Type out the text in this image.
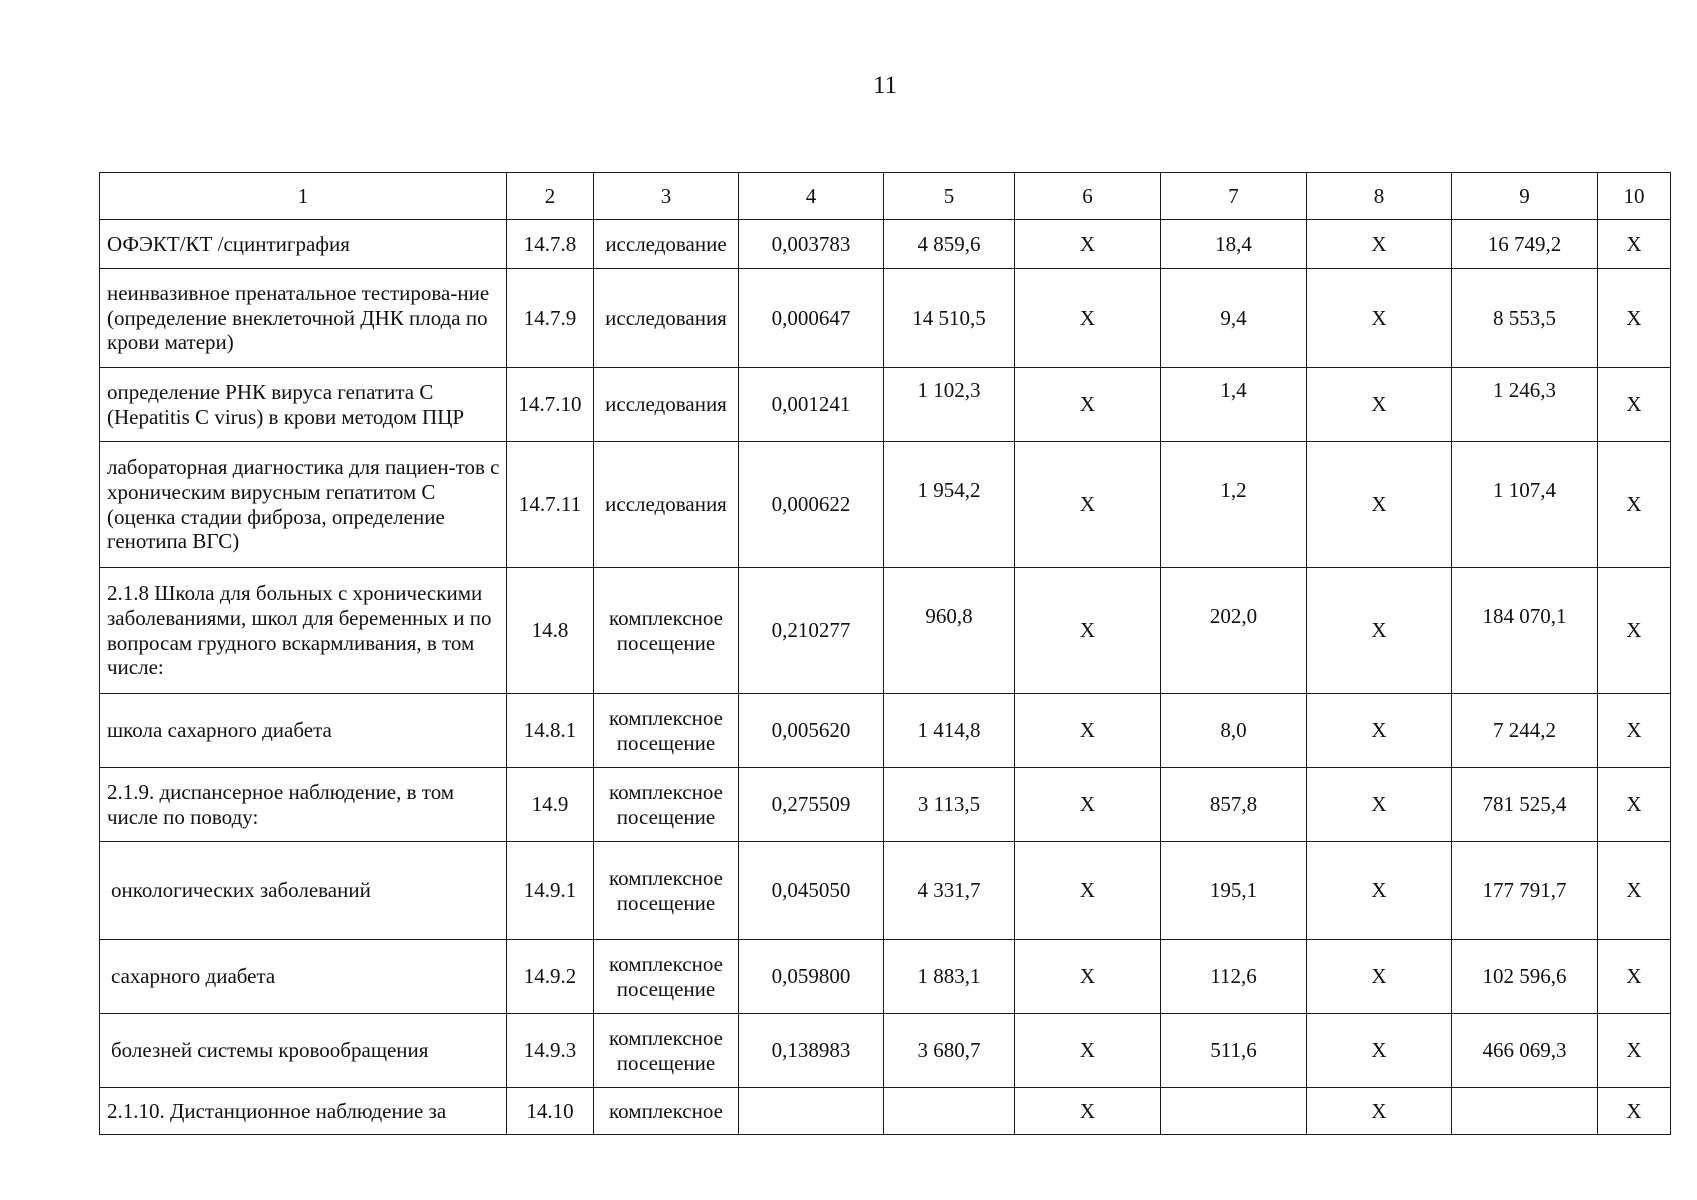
11
1	2	3	4	5	6	7	8	9	10
ОФЭКТ/КТ /сцинтиграфия	14.7.8	исследование	0,003783	4 859,6	X	18,4	X	16 749,2	X
неинвазивное пренатальное тестирова-ние (определение внеклеточной ДНК плода по крови матери)	14.7.9	исследования	0,000647	14 510,5	X	9,4	X	8 553,5	X
определение РНК вируса гепатита С (Hepatitis C virus) в крови методом ПЦР	14.7.10	исследования	0,001241	1 102,3	X	1,4	X	1 246,3	X
лабораторная диагностика для пациен-тов с хроническим вирусным гепатитом С (оценка стадии фиброза, определение генотипа ВГС)	14.7.11	исследования	0,000622	1 954,2	X	1,2	X	1 107,4	X
2.1.8 Школа для больных с хроническими заболеваниями, школ для беременных и по вопросам грудного вскармливания, в том числе:	14.8	комплексное посещение	0,210277	960,8	X	202,0	X	184 070,1	X
школа сахарного диабета	14.8.1	комплексное посещение	0,005620	1 414,8	X	8,0	X	7 244,2	X
2.1.9. диспансерное наблюдение, в том числе по поводу:	14.9	комплексное посещение	0,275509	3 113,5	X	857,8	X	781 525,4	X
онкологических заболеваний	14.9.1	комплексное посещение	0,045050	4 331,7	X	195,1	X	177 791,7	X
сахарного диабета	14.9.2	комплексное посещение	0,059800	1 883,1	X	112,6	X	102 596,6	X
болезней системы кровообращения	14.9.3	комплексное посещение	0,138983	3 680,7	X	511,6	X	466 069,3	X
2.1.10. Дистанционное наблюдение за	14.10	комплексное			X		X		X
